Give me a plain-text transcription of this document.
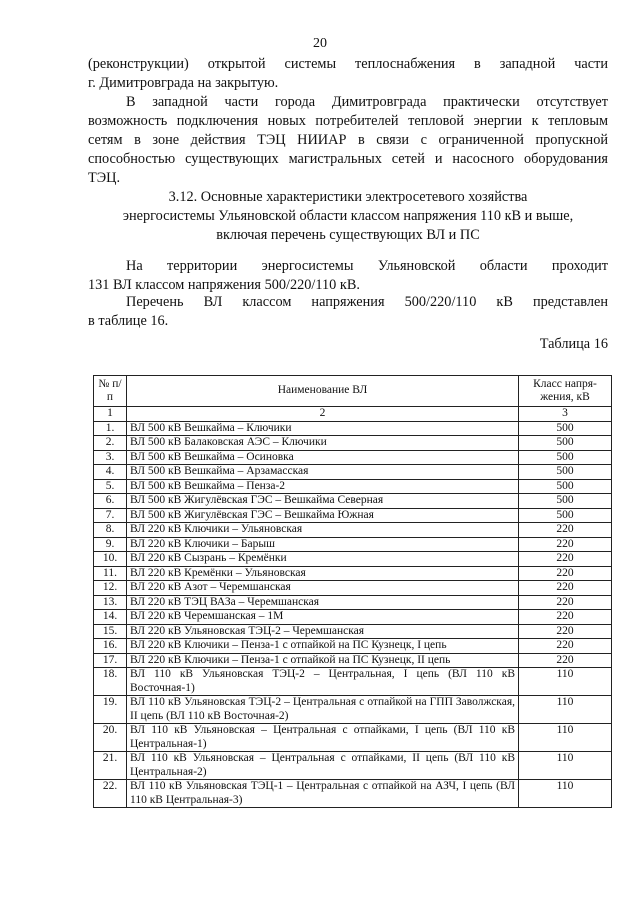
20
(реконструкции) открытой системы теплоснабжения в западной части
г. Димитровграда на закрытую.
В западной части города Димитровграда практически отсутствует
возможность подключения новых потребителей тепловой энергии к тепловым
сетям в зоне действия ТЭЦ НИИАР в связи с ограниченной пропускной
способностью существующих магистральных сетей и насосного оборудования
ТЭЦ.
3.12. Основные характеристики электросетевого хозяйства
энергосистемы Ульяновской области классом напряжения 110 кВ и выше,
включая перечень существующих ВЛ и ПС
На территории энергосистемы Ульяновской области проходит
131 ВЛ классом напряжения 500/220/110 кВ.
Перечень ВЛ классом напряжения 500/220/110 кВ представлен
в таблице 16.
Таблица 16
№ п/п	Наименование ВЛ	Класс напря-жения, кВ
1	2	3
1.	ВЛ 500 кВ Вешкайма – Ключики	500
2.	ВЛ 500 кВ Балаковская АЭС – Ключики	500
3.	ВЛ 500 кВ Вешкайма – Осиновка	500
4.	ВЛ 500 кВ Вешкайма – Арзамасская	500
5.	ВЛ 500 кВ Вешкайма – Пенза-2	500
6.	ВЛ 500 кВ Жигулёвская ГЭС – Вешкайма Северная	500
7.	ВЛ 500 кВ Жигулёвская ГЭС – Вешкайма Южная	500
8.	ВЛ 220 кВ Ключики – Ульяновская	220
9.	ВЛ 220 кВ Ключики – Барыш	220
10.	ВЛ 220 кВ Сызрань – Кремёнки	220
11.	ВЛ 220 кВ Кремёнки – Ульяновская	220
12.	ВЛ 220 кВ Азот – Черемшанская	220
13.	ВЛ 220 кВ ТЭЦ ВАЗа – Черемшанская	220
14.	ВЛ 220 кВ Черемшанская – 1М	220
15.	ВЛ 220 кВ Ульяновская ТЭЦ-2 – Черемшанская	220
16.	ВЛ 220 кВ Ключики – Пенза-1 с отпайкой на ПС Кузнецк, I цепь	220
17.	ВЛ 220 кВ Ключики – Пенза-1 с отпайкой на ПС Кузнецк, II цепь	220
18.	ВЛ 110 кВ Ульяновская ТЭЦ-2 – Центральная, I цепь (ВЛ 110 кВ Восточная-1)	110
19.	ВЛ 110 кВ Ульяновская ТЭЦ-2 – Центральная с отпайкой на ГПП Заволжская, II цепь (ВЛ 110 кВ Восточная-2)	110
20.	ВЛ 110 кВ Ульяновская – Центральная с отпайками, I цепь (ВЛ 110 кВ Центральная-1)	110
21.	ВЛ 110 кВ Ульяновская – Центральная с отпайками, II цепь (ВЛ 110 кВ Центральная-2)	110
22.	ВЛ 110 кВ Ульяновская ТЭЦ-1 – Центральная с отпайкой на АЗЧ, I цепь (ВЛ 110 кВ Центральная-3)	110
